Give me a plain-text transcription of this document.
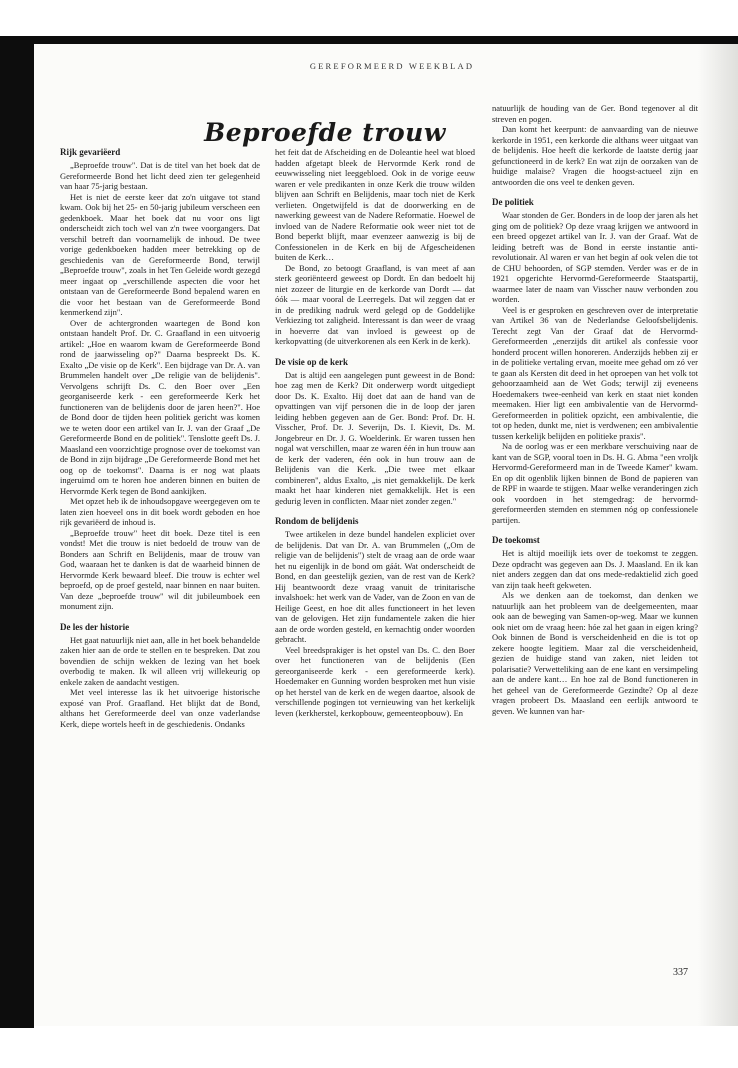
GEREFORMEERD WEEKBLAD
Beproefde trouw
Rijk gevariëerd

„Beproefde trouw". Dat is de titel van het boek dat de Gereformeerde Bond het licht deed zien ter gelegenheid van haar 75-jarig bestaan.

Het is niet de eerste keer dat zo'n uitgave tot stand kwam. Ook bij het 25- en 50-jarig jubileum verscheen een gedenkboek. Maar het boek dat nu voor ons ligt onderscheidt zich toch wel van z'n twee voorgangers. Dat verschil betreft dan voornamelijk de inhoud. De twee vorige gedenkboeken hadden meer betrekking op de geschiedenis van de Gereformeerde Bond, terwijl „Beproefde trouw", zoals in het Ten Geleide wordt gezegd meer ingaat op „verschillende aspecten die voor het ontstaan van de Gereformeerde Bond bepalend waren en die voor het bestaan van de Gereformeerde Bond kenmerkend zijn".

Over de achtergronden waartegen de Bond kon ontstaan handelt Prof. Dr. C. Graafland in een uitvoerig artikel: „Hoe en waarom kwam de Gereformeerde Bond rond de jaarwisseling op?" Daarna bespreekt Ds. K. Exalto „De visie op de Kerk". Een bijdrage van Dr. A. van Brummelen handelt over „De religie van de belijdenis". Vervolgens schrijft Ds. C. den Boer over „Een georganiseerde kerk - een gereformeerde Kerk het functioneren van de belijdenis door de jaren heen?". Hoe de Bond door de tijden heen politiek gericht was komen we te weten door een artikel van Ir. J. van der Graaf „De Gereformeerde Bond en de politiek". Tenslotte geeft Ds. J. Maasland een voorzichtige prognose over de toekomst van de Bond in zijn bijdrage „De Gereformeerde Bond met het oog op de toekomst". Daarna is er nog wat plaats ingeruimd om te horen hoe anderen binnen en buiten de Hervormde Kerk tegen de Bond aankijken.

Met opzet heb ik de inhoudsopgave weergegeven om te laten zien hoeveel ons in dit boek wordt geboden en hoe rijk gevariëerd de inhoud is.

„Beproefde trouw" heet dit boek. Deze titel is een vondst! Met die trouw is niet bedoeld de trouw van de Bonders aan Schrift en Belijdenis, maar de trouw van God, waaraan het te danken is dat de waarheid binnen de Hervormde Kerk bewaard bleef. Die trouw is echter wel beproefd, op de proef gesteld, naar binnen en naar buiten. Van deze „beproefde trouw" wil dit jubileumboek een monument zijn.

De les der historie

Het gaat natuurlijk niet aan, alle in het boek behandelde zaken hier aan de orde te stellen en te bespreken. Dat zou bovendien de schijn wekken de lezing van het boek overbodig te maken. Ik wil alleen vrij willekeurig op enkele zaken de aandacht vestigen.

Met veel interesse las ik het uitvoerige historische exposé van Prof. Graafland. Het blijkt dat de Bond, althans het Gereformeerde deel van onze vaderlandse Kerk, diepe wortels heeft in de geschiedenis. Ondanks

het feit dat de Afscheiding en de Doleantie heel wat bloed hadden afgetapt bleek de Hervormde Kerk rond de eeuwwisseling niet leeggebloed. Ook in de vorige eeuw waren er vele predikanten in onze Kerk die trouw wilden blijven aan Schrift en Belijdenis, maar toch niet de Kerk verlieten. Ongetwijfeld is dat de doorwerking en de nawerking geweest van de Nadere Reformatie. Hoewel de invloed van de Nadere Reformatie ook weer niet tot de Bond beperkt blijft, maar evenzeer aanwezig is bij de Confessionelen in de Kerk en bij de Afgescheidenen buiten de Kerk…

De Bond, zo betoogt Graafland, is van meet af aan sterk georiënteerd geweest op Dordt. En dan bedoelt hij niet zozeer de liturgie en de kerkorde van Dordt — dat óók — maar vooral de Leerregels. Dat wil zeggen dat er in de prediking nadruk werd gelegd op de Goddelijke Verkiezing tot zaligheid. Interessant is dan weer de vraag in hoeverre dat van invloed is geweest op de kerkopvatting (de uitverkorenen als een Kerk in de kerk).

De visie op de kerk

Dat is altijd een aangelegen punt geweest in de Bond: hoe zag men de Kerk? Dit onderwerp wordt uitgediept door Ds. K. Exalto. Hij doet dat aan de hand van de opvattingen van vijf personen die in de loop der jaren leiding hebben gegeven aan de Ger. Bond: Prof. Dr. H. Visscher, Prof. Dr. J. Severijn, Ds. I. Kievit, Ds. M. Jongebreur en Dr. J. G. Woelderink. Er waren tussen hen nogal wat verschillen, maar ze waren één in hun trouw aan de kerk der vaderen, één ook in hun trouw aan de Belijdenis van die Kerk. „Die twee met elkaar combineren", aldus Exalto, „is niet gemakkelijk. De kerk maakt het haar kinderen niet gemakkelijk. Het is een gedurig leven in conflicten. Maar niet zonder zegen."

Rondom de belijdenis

Twee artikelen in deze bundel handelen expliciet over de belijdenis. Dat van Dr. A. van Brummelen („Om de religie van de belijdenis") stelt de vraag aan de orde waar het nu eigenlijk in de bond om gáát. Wat onderscheidt de Bond, en dan geestelijk gezien, van de rest van de Kerk? Hij beantwoordt deze vraag vanuit de trinitarische invalshoek: het werk van de Vader, van de Zoon en van de Heilige Geest, en hoe dit alles functioneert in het leven van de gelovigen. Het zijn fundamentele zaken die hier aan de orde worden gesteld, en kernachtig onder woorden gebracht.

Veel breedsprakiger is het opstel van Ds. C. den Boer over het functioneren van de belijdenis (Een gereorganiseerde kerk - een gereformeerde kerk). Hoedemaker en Gunning worden besproken met hun visie op het herstel van de kerk en de wegen daartoe, alsook de verschillende pogingen tot vernieuwing van het kerkelijk leven (kerkherstel, kerkopbouw, gemeenteopbouw). En

natuurlijk de houding van de Ger. Bond tegenover al dit streven en pogen.

Dan komt het keerpunt: de aanvaarding van de nieuwe kerkorde in 1951, een kerkorde die althans weer uitgaat van de belijdenis. Hoe heeft die kerkorde de laatste dertig jaar gefunctioneerd in de kerk? En wat zijn de oorzaken van de huidige malaise? Vragen die hoogst-actueel zijn en antwoorden die ons veel te denken geven.

De politiek

Waar stonden de Ger. Bonders in de loop der jaren als het ging om de politiek? Op deze vraag krijgen we antwoord in een breed opgezet artikel van Ir. J. van der Graaf. Wat de leiding betreft was de Bond in eerste instantie anti-revolutionair. Al waren er van het begin af ook velen die tot de CHU behoorden, of SGP stemden. Verder was er de in 1921 opgerichte Hervormd-Gereformeerde Staatspartij, waarmee later de naam van Visscher nauw verbonden zou worden.

Veel is er gesproken en geschreven over de interpretatie van Artikel 36 van de Nederlandse Geloofsbelijdenis. Terecht zegt Van der Graaf dat de Hervormd-Gereformeerden „enerzijds dit artikel als confessie voor honderd procent willen honoreren. Anderzijds hebben zij er in de politieke vertaling ervan, moeite mee gehad om zó ver te gaan als Kersten dit deed in het oproepen van het volk tot gehoorzaamheid aan de Wet Gods; terwijl zij eveneens Hoedemakers twee-eenheid van kerk en staat niet konden meemaken. Hier ligt een ambivalentie van de Hervormd-Gereformeerden in politiek opzicht, een ambivalentie, die tot op heden, dunkt me, niet is verdwenen; een ambivalentie tussen kerkelijk belijden en politieke praxis".

Na de oorlog was er een merkbare verschuiving naar de kant van de SGP, vooral toen in Ds. H. G. Abma "een vroljk Hervormd-Gereformeerd man in de Tweede Kamer" kwam. En op dit ogenblik lijken binnen de Bond de papieren van de RPF in waarde te stijgen. Maar welke veranderingen zich ook voordoen in het stemgedrag: de hervormd-gereformeerden stemden en stemmen nóg op confessionele partijen.

De toekomst

Het is altijd moeilijk iets over de toekomst te zeggen. Deze opdracht was gegeven aan Ds. J. Maasland. En ik kan niet anders zeggen dan dat ons mede-redaktielid zich goed van zijn taak heeft gekweten.

Als we denken aan de toekomst, dan denken we natuurlijk aan het probleem van de deelgemeenten, maar ook aan de beweging van Samen-op-weg. Maar we kunnen ook niet om de vraag heen: hóe zal het gaan in eigen kring? Ook binnen de Bond is verscheidenheid en die is tot op zekere hoogte legitiem. Maar zal die verscheidenheid, gezien de huidige stand van zaken, niet leiden tot polarisatie? Verwetteliking aan de ene kant en versimpeling aan de andere kant… En hoe zal de Bond functioneren in het geheel van de Gereformeerde Gezindte? Op al deze vragen probeert Ds. Maasland een eerlijk antwoord te geven. We kunnen van har-

337
